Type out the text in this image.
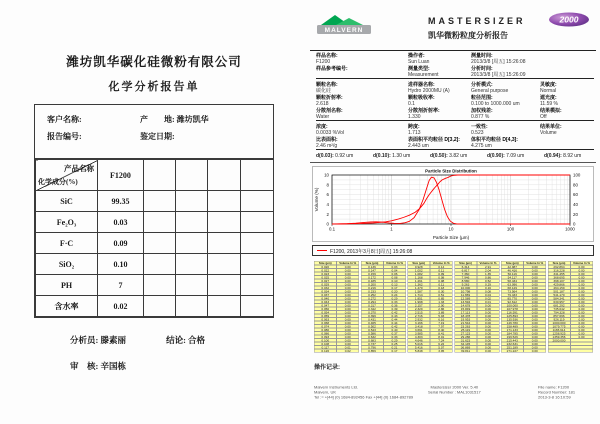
潍坊凯华碳化硅微粉有限公司
化学分析报告单
客户名称:	产　　地: 潍坊凯华
报告编号:	鉴定日期:
产品名称
化学成分(%)	F1200				
SiC	99.35				
Fe₂O₃	0.03				
F·C	0.09				
SiO₂	0.10				
PH	7				
含水率	0.02				
分析员: 滕素丽	结论: 合格
审　核: 辛国栋
MALVERN
MASTERSIZER	2000
凯华微粉粒度分析报告
样品名称:
F1200
操作者:
Sun Luan
测量时间:
2013/3/8 [周五] 15:26:08
样品参考编号:	测量类型:
Measurement
分析时间:
2013/3/8 [周五] 15:26:09
颗粒名称:
碳化硅
进样器名称:
Hydro 2000MU (A)
分析模式:
General purpose
灵敏度:
Normal
颗粒折射率:
2.618
颗粒吸收率:
0.1
粒径范围:
0.100 to 1000.000 um
遮光度:
11.59 %
分散剂名称:
Water
分散剂折射率:
1.330
加权残差:
0.877 %
结果模拟:
Off
浓度:
0.0033 %Vol
跨度:
1.713
一致性:
0.523
结果单位:
Volume
比表面积:
2.46 m²/g
表面积平均粒径 D[3,2]:
2.443 um
体积平均粒径 D[4,3]:
4.275 um
d(0.03): 0.92 um	d(0.10): 1.30 um	d(0.50): 3.82 um	d(0.90): 7.09 um	d(0.94): 8.92 um
Particle Size Distribution
Particle Size (µm)
Volume (%)
0.1	1	10	100	1000
0
2
4
6
8
10
0
20
40
60
80
100
F1200, 2013年3月8日[周五] 15:26:08
Size (µm)	Volume In %
0.020	0.00
0.022	0.00
0.023	0.00
0.025	0.00
0.027	0.00
0.029	0.00
0.032	0.00
0.034	0.00
0.037	0.00
0.040	0.00
0.043	0.00
0.047	0.00
0.050	0.00
0.054	0.00
0.059	0.00
0.063	0.00
0.068	0.00
0.074	0.00
0.080	0.00
0.086	0.00
0.093	0.00
0.100	0.00
0.108	0.00
0.117	0.01
0.126	0.02
Size (µm)	Volume In %
0.136	0.03
0.147	0.04
0.159	0.06
0.172	0.08
0.185	0.10
0.200	0.13
0.216	0.17
0.233	0.20
0.252	0.24
0.272	0.29
0.294	0.33
0.317	0.36
0.342	0.39
0.370	0.42
0.399	0.43
0.431	0.44
0.465	0.44
0.502	0.42
0.543	0.40
0.586	0.37
0.632	0.33
0.683	0.29
0.737	0.25
0.796	0.21
0.859	0.17
Size (µm)	Volume In %
0.928	0.14
1.002	0.11
1.082	0.09
1.168	0.08
1.261	0.08
1.362	0.11
1.470	0.18
1.587	0.30
1.714	0.51
1.851	0.85
1.998	1.33
2.157	2.00
2.329	2.86
2.515	3.89
2.716	5.03
2.932	6.16
3.166	7.19
3.418	7.97
3.691	8.40
3.985	8.41
4.303	8.01
4.646	7.24
5.016	6.22
5.416	5.07
5.848	3.95
Size (µm)	Volume In %
6.314	2.91
6.817	2.04
7.360	1.35
7.946	0.86
8.580	0.52
9.263	0.29
10.000	0.16
10.798	0.08
11.659	0.04
12.589	0.02
13.594	0.01
14.678	0.00
15.849	0.00
17.113	0.00
18.478	0.00
19.953	0.00
21.544	0.00
23.263	0.00
25.119	0.00
27.123	0.00
29.286	0.00
31.623	0.00
34.145	0.00
36.869	0.00
39.811	0.00
Size (µm)	Volume In %
42.987	0.00
46.416	0.00
50.119	0.00
54.117	0.00
58.434	0.00
63.096	0.00
68.129	0.00
73.564	0.00
79.433	0.00
85.770	0.00
92.612	0.00
100.000	0.00
107.978	0.00
116.591	0.00
125.893	0.00
135.936	0.00
146.780	0.00
158.489	0.00
171.133	0.00
184.785	0.00
199.526	0.00
215.443	0.00
232.631	0.00
251.189	0.00
271.227	0.00
Size (µm)	Volume In %
292.864	0.00
316.228	0.00
341.455	0.00
368.695	0.00
398.107	0.00
429.866	0.00
464.159	0.00
501.187	0.00
541.170	0.00
584.341	0.00
630.957	0.00
681.292	0.00
735.642	0.00
794.328	0.00
857.696	0.00
926.119	0.00
1000.000	0.00
1079.775	0.00
1165.914	0.00
1258.925	0.00
1359.356	0.00
2000.000
操作记录:
Malvern Instruments Ltd.
Malvern, UK
Tel := +[44] (0) 1684-892456 Fax +[44] (0) 1684-892789
Mastersizer 2000 Ver. 5.40
Serial Number : MAL1031517
File name: F1200
Record Number: 181
2013-3-8 16:10:59
